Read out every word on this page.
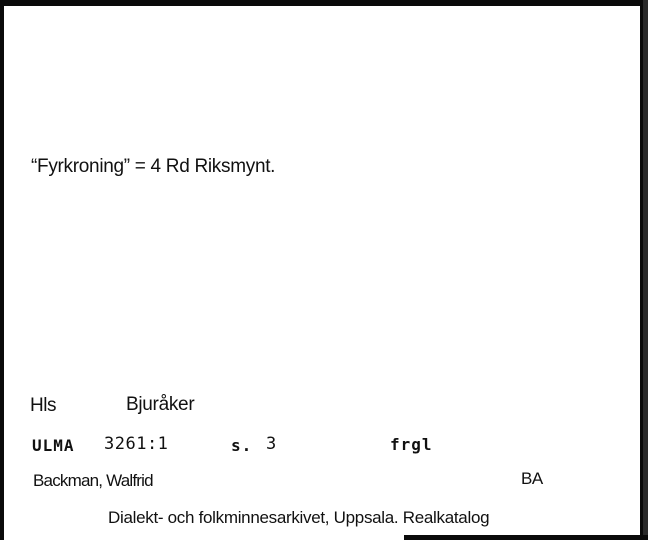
“Fyrkroning” = 4 Rd Riksmynt.
Hls	Bjuråker
ULMA 3261:1	s. 3	frgl
Backman, Walfrid	BA
Dialekt- och folkminnesarkivet, Uppsala. Realkatalog
